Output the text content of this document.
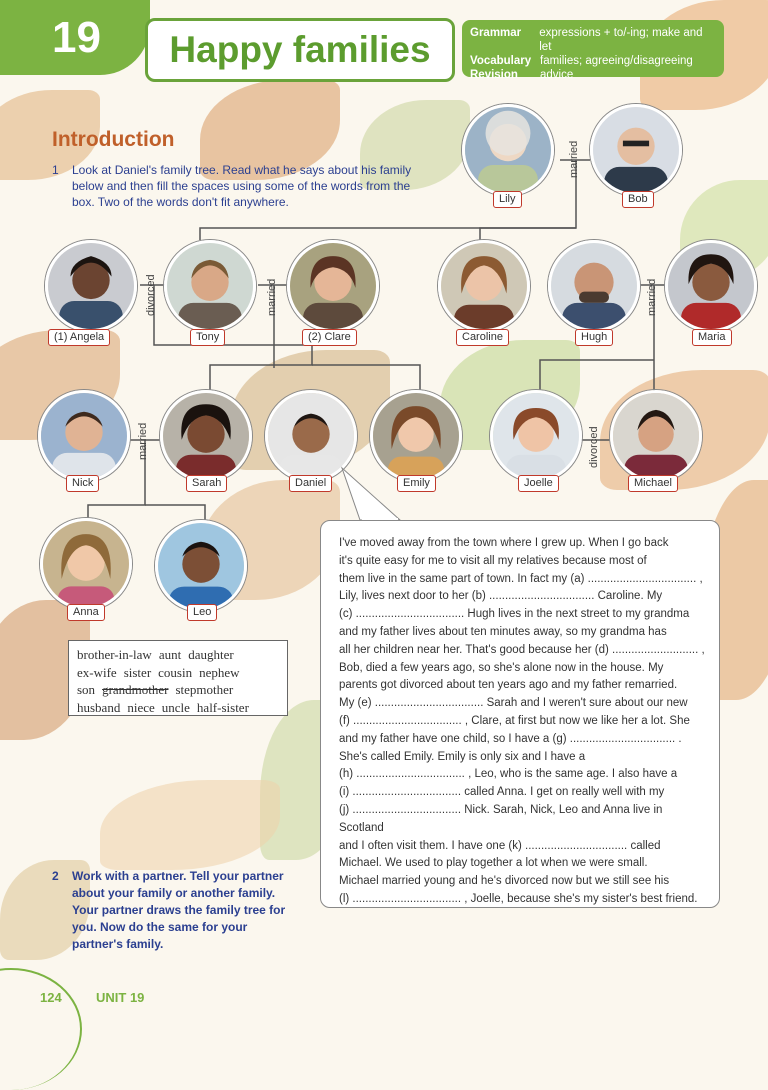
19	Happy families	Grammar	expressions + to/-ing; make and let
Vocabulary families; agreeing/disagreeing
Revision	advice
Introduction
1 Look at Daniel's family tree. Read what he says about his family below and then fill the spaces using some of the words from the box. Two of the words don't fit anywhere.	Lily	Bob
married
(1) Angela	Tony
divorced
(2) Clare
married
Caroline	Hugh	Maria
married
Nick	Sarah
married
Daniel	Emily	Joelle	Michael
divorced
Anna	Leo
brother-in-law aunt daughter
ex-wife sister cousin nephew
son grandmother stepmother
husband niece uncle half-sister
I've moved away from the town where I grew up. When I go back
it's quite easy for me to visit all my relatives because most of
them live in the same part of town. In fact my (a) .................................. ,
Lily, lives next door to her (b) ................................. Caroline. My
(c) .................................. Hugh lives in the next street to my grandma
and my father lives about ten minutes away, so my grandma has
all her children near her. That's good because her (d) ........................... ,
Bob, died a few years ago, so she's alone now in the house. My
parents got divorced about ten years ago and my father remarried.
My (e) .................................. Sarah and I weren't sure about our new
(f) .................................. , Clare, at first but now we like her a lot. She
and my father have one child, so I have a (g) ................................. .
She's called Emily. Emily is only six and I have a
(h) .................................. , Leo, who is the same age. I also have a
(i) .................................. called Anna. I get on really well with my
(j) .................................. Nick. Sarah, Nick, Leo and Anna live in Scotland
and I often visit them. I have one (k) ................................ called
Michael. We used to play together a lot when we were small.
Michael married young and he's divorced now but we still see his
(l) .................................. , Joelle, because she's my sister's best friend.
2 Work with a partner. Tell your partner about your family or another family. Your partner draws the family tree for you. Now do the same for your partner's family.
124	UNIT 19
